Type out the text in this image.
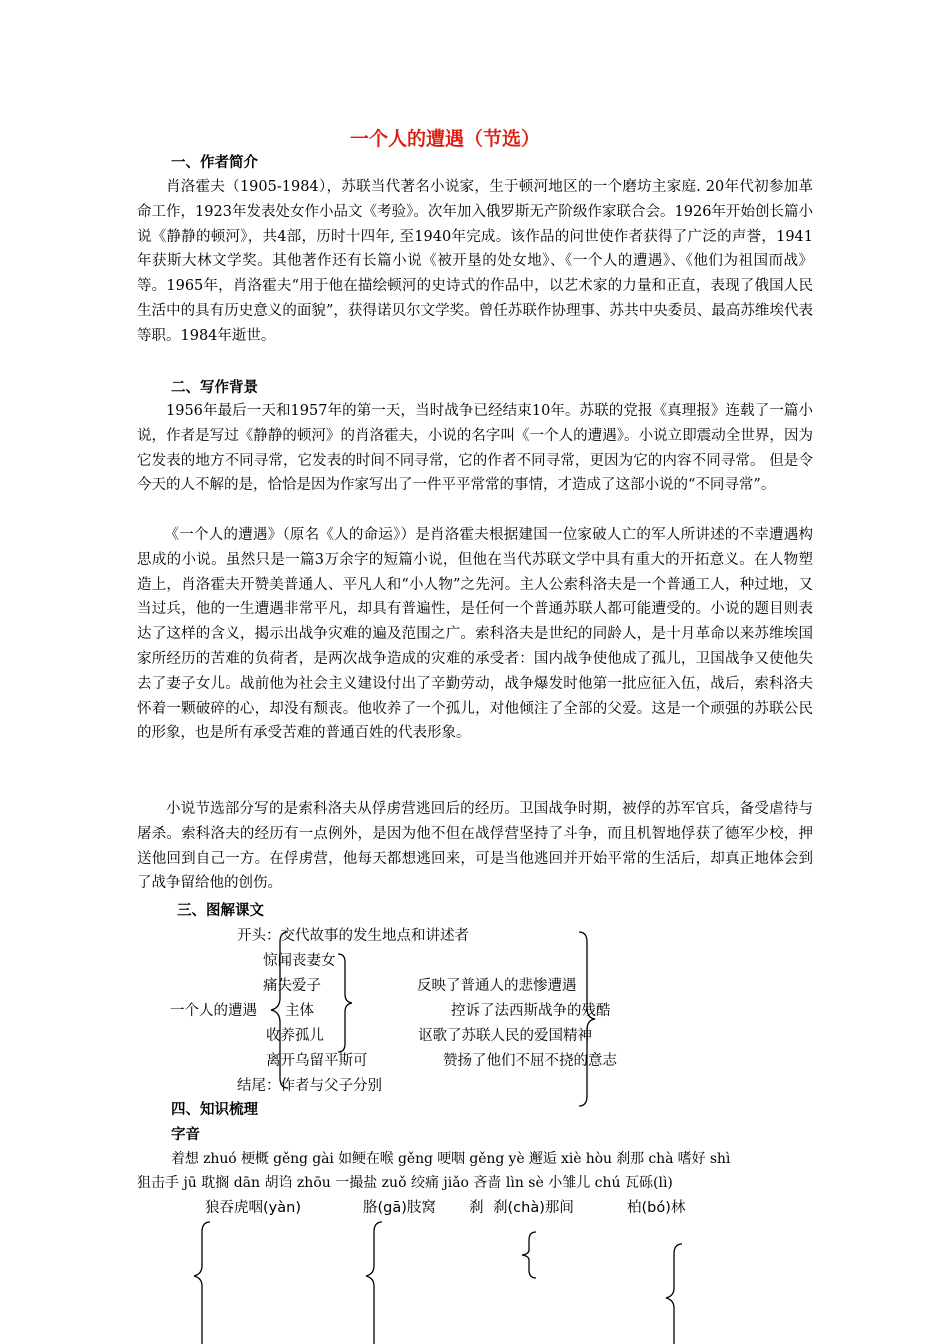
一个人的遭遇（节选）
一、作者简介
肖洛霍夫（1905-1984），苏联当代著名小说家，生于顿河地区的一个磨坊主家庭. 20年代初参加革命工作，1923年发表处女作小品文《考验》。次年加入俄罗斯无产阶级作家联合会。1926年开始创长篇小说《静静的顿河》，共4部，历时十四年, 至1940年完成。该作品的问世使作者获得了广泛的声誉，1941年获斯大林文学奖。其他著作还有长篇小说《被开垦的处女地》、《一个人的遭遇》、《他们为祖国而战》等。1965年，肖洛霍夫“用于他在描绘顿河的史诗式的作品中，以艺术家的力量和正直，表现了俄国人民生活中的具有历史意义的面貌”，获得诺贝尔文学奖。曾任苏联作协理事、苏共中央委员、最高苏维埃代表等职。1984年逝世。
二、写作背景
1956年最后一天和1957年的第一天，当时战争已经结束10年。苏联的党报《真理报》连载了一篇小说，作者是写过《静静的顿河》的肖洛霍夫，小说的名字叫《一个人的遭遇》。小说立即震动全世界，因为它发表的地方不同寻常，它发表的时间不同寻常，它的作者不同寻常，更因为它的内容不同寻常。 但是令今天的人不解的是，恰恰是因为作家写出了一件平平常常的事情，才造成了这部小说的“不同寻常”。
《一个人的遭遇》（原名《人的命运》）是肖洛霍夫根据建国一位家破人亡的军人所讲述的不幸遭遇构思成的小说。虽然只是一篇3万余字的短篇小说，但他在当代苏联文学中具有重大的开拓意义。在人物塑造上，肖洛霍夫开赞美普通人、平凡人和“小人物”之先河。主人公索科洛夫是一个普通工人，种过地，又当过兵，他的一生遭遇非常平凡，却具有普遍性，是任何一个普通苏联人都可能遭受的。小说的题目则表达了这样的含义，揭示出战争灾难的遍及范围之广。索科洛夫是世纪的同龄人，是十月革命以来苏维埃国家所经历的苦难的负荷者，是两次战争造成的灾难的承受者：国内战争使他成了孤儿，卫国战争又使他失去了妻子女儿。战前他为社会主义建设付出了辛勤劳动，战争爆发时他第一批应征入伍，战后，索科洛夫怀着一颗破碎的心，却没有颓丧。他收养了一个孤儿，对他倾注了全部的父爱。这是一个顽强的苏联公民的形象，也是所有承受苦难的普通百姓的代表形象。
小说节选部分写的是索科洛夫从俘虏营逃回后的经历。卫国战争时期，被俘的苏军官兵，备受虐待与屠杀。索科洛夫的经历有一点例外，是因为他不但在战俘营坚持了斗争，而且机智地俘获了德军少校，押送他回到自己一方。在俘虏营，他每天都想逃回来，可是当他逃回并开始平常的生活后，却真正地体会到了战争留给他的创伤。
三、图解课文
开头：交代故事的发生地点和讲述者
惊闻丧妻女
痛失爱子
一个人的遭遇 主体
收养孤儿
离开乌留平斯可
结尾：作者与父子分别
反映了普通人的悲惨遭遇
控诉了法西斯战争的残酷
讴歌了苏联人民的爱国精神
赞扬了他们不屈不挠的意志
四、知识梳理
字音
着想 zhuó 梗概 gěng gài 如鲠在喉 gěng 哽咽 gěng yè 邂逅 xiè hòu 刹那 chà 嗜好 shì
狙击手 jū 耽搁 dān 胡诌 zhōu 一撮盐 zuǒ 绞痛 jiǎo 吝啬 lìn sè 小雏儿 chú 瓦砾(lì)
狼吞虎咽(yàn)	胳(gā)肢窝 刹 刹(chà)那间	柏(bó)林
